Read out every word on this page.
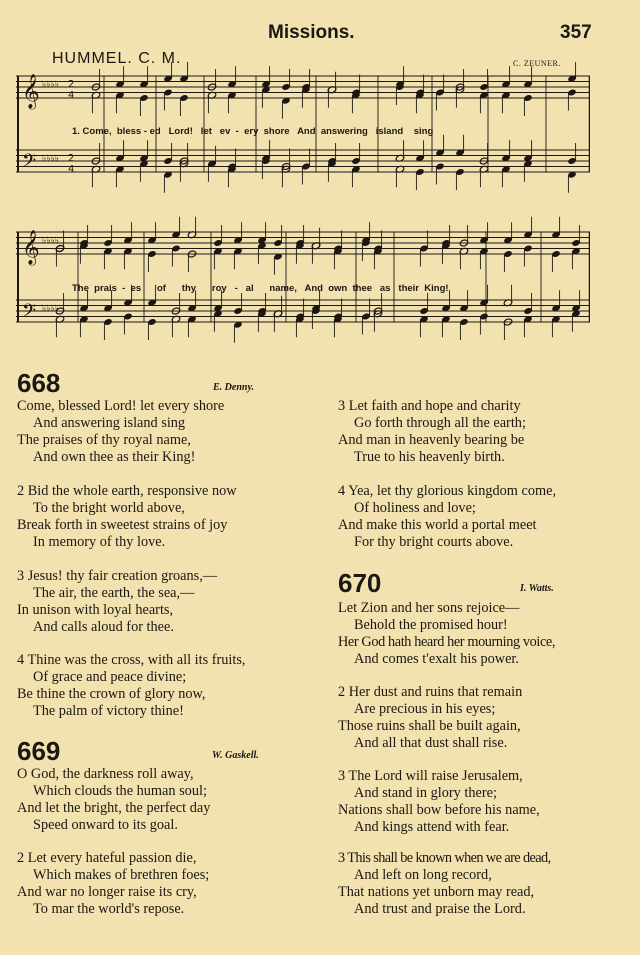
Missions.	357
HUMMEL. C. M.	C. ZEUNER.
𝄞 ♭♭♭♭ 2
4
𝄢 ♭♭♭♭ 2
4
𝄞 ♭♭♭♭
𝄢 ♭♭♭♭
1. Come,  bless - ed   Lord!   let   ev  -  ery  shore   And  answering   island    sing
The  prais  -  es      of      thy      roy   -   al      name,   And  own  thee   as   their  King!
668	E. Denny.
Come, blessed Lord! let every shore
And answering island sing
The praises of thy royal name,
And own thee as their King!
2 Bid the whole earth, responsive now
To the bright world above,
Break forth in sweetest strains of joy
In memory of thy love.
3 Jesus! thy fair creation groans,—
The air, the earth, the sea,—
In unison with loyal hearts,
And calls aloud for thee.
4 Thine was the cross, with all its fruits,
Of grace and peace divine;
Be thine the crown of glory now,
The palm of victory thine!
3 Let faith and hope and charity
Go forth through all the earth;
And man in heavenly bearing be
True to his heavenly birth.
4 Yea, let thy glorious kingdom come,
Of holiness and love;
And make this world a portal meet
For thy bright courts above.
669	W. Gaskell.
O God, the darkness roll away,
Which clouds the human soul;
And let the bright, the perfect day
Speed onward to its goal.
2 Let every hateful passion die,
Which makes of brethren foes;
And war no longer raise its cry,
To mar the world's repose.
670	I. Watts.
Let Zion and her sons rejoice—
Behold the promised hour!
Her God hath heard her mourning voice,
And comes t'exalt his power.
2 Her dust and ruins that remain
Are precious in his eyes;
Those ruins shall be built again,
And all that dust shall rise.
3 The Lord will raise Jerusalem,
And stand in glory there;
Nations shall bow before his name,
And kings attend with fear.
3 This shall be known when we are dead,
And left on long record,
That nations yet unborn may read,
And trust and praise the Lord.
